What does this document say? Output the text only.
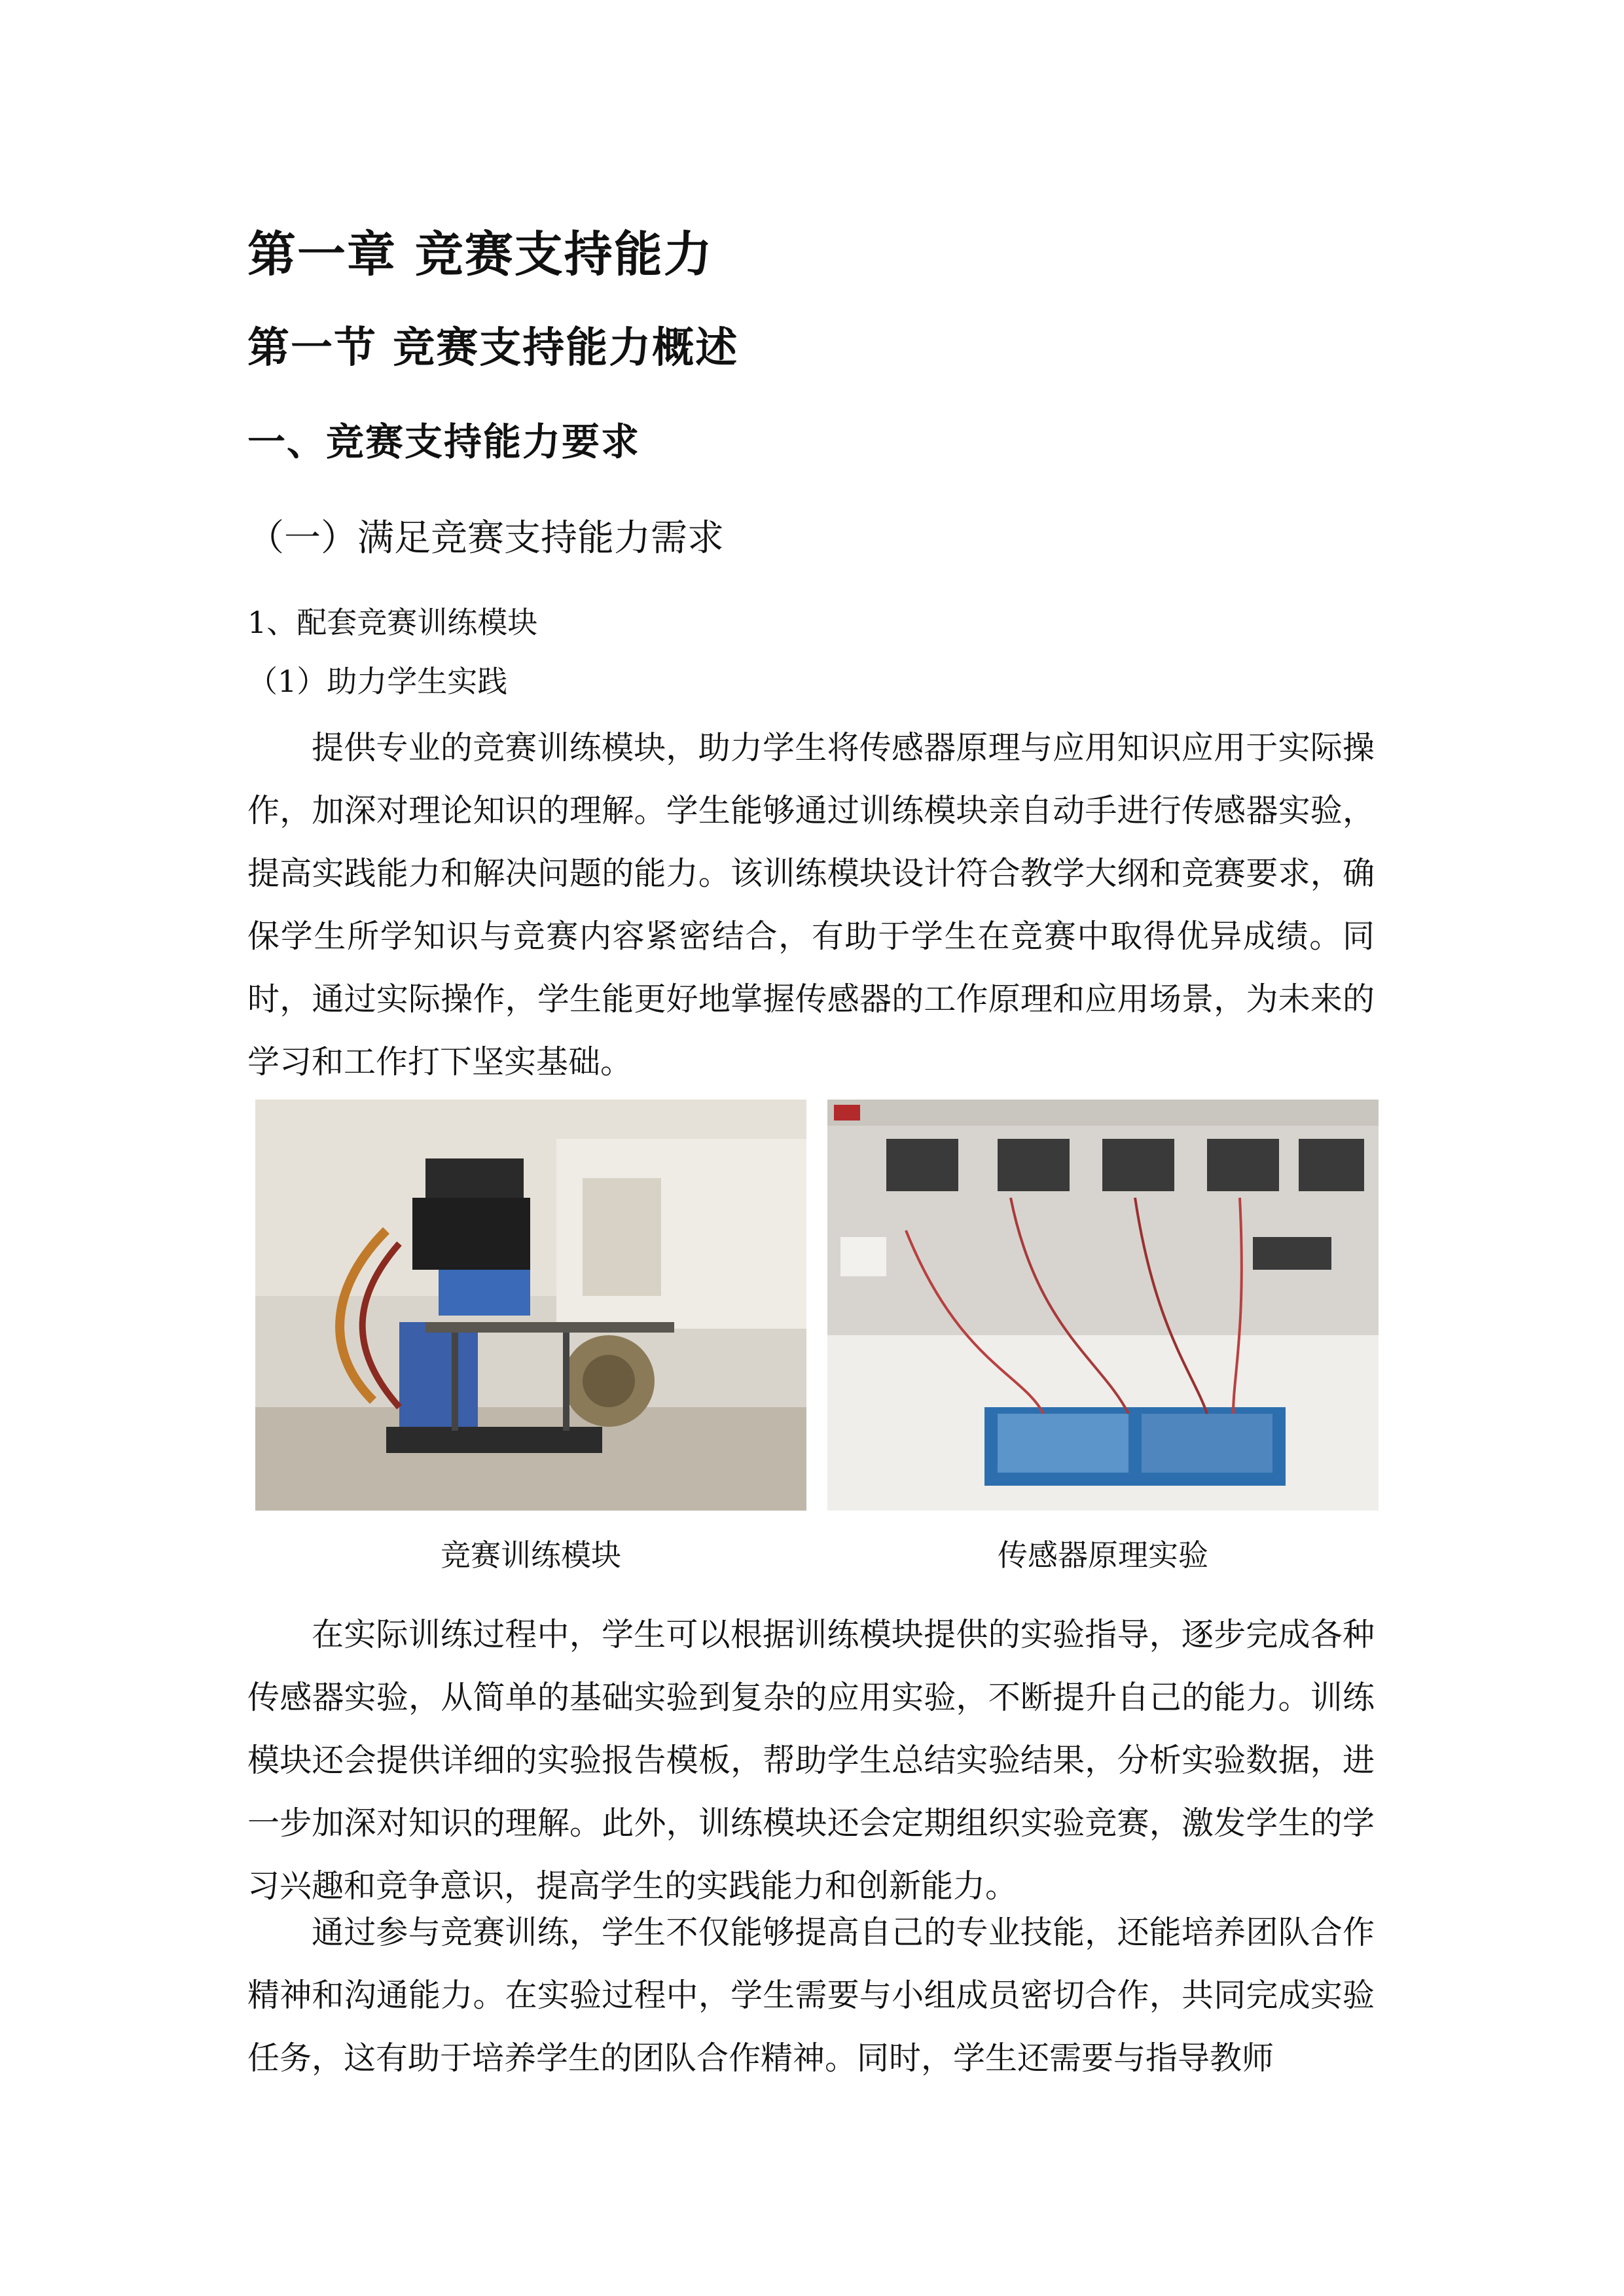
第一章 竞赛支持能力
第一节 竞赛支持能力概述
一、竞赛支持能力要求
（一）满足竞赛支持能力需求
1、配套竞赛训练模块
（1）助力学生实践

提供专业的竞赛训练模块，助力学生将传感器原理与应用知识应用于实际操作，加深对理论知识的理解。学生能够通过训练模块亲自动手进行传感器实验，提高实践能力和解决问题的能力。该训练模块设计符合教学大纲和竞赛要求，确保学生所学知识与竞赛内容紧密结合，有助于学生在竞赛中取得优异成绩。同时，通过实际操作，学生能更好地掌握传感器的工作原理和应用场景，为未来的学习和工作打下坚实基础。

竞赛训练模块	传感器原理实验

在实际训练过程中，学生可以根据训练模块提供的实验指导，逐步完成各种传感器实验，从简单的基础实验到复杂的应用实验，不断提升自己的能力。训练模块还会提供详细的实验报告模板，帮助学生总结实验结果，分析实验数据，进一步加深对知识的理解。此外，训练模块还会定期组织实验竞赛，激发学生的学习兴趣和竞争意识，提高学生的实践能力和创新能力。

通过参与竞赛训练，学生不仅能够提高自己的专业技能，还能培养团队合作精神和沟通能力。在实验过程中，学生需要与小组成员密切合作，共同完成实验任务，这有助于培养学生的团队合作精神。同时，学生还需要与指导教师
